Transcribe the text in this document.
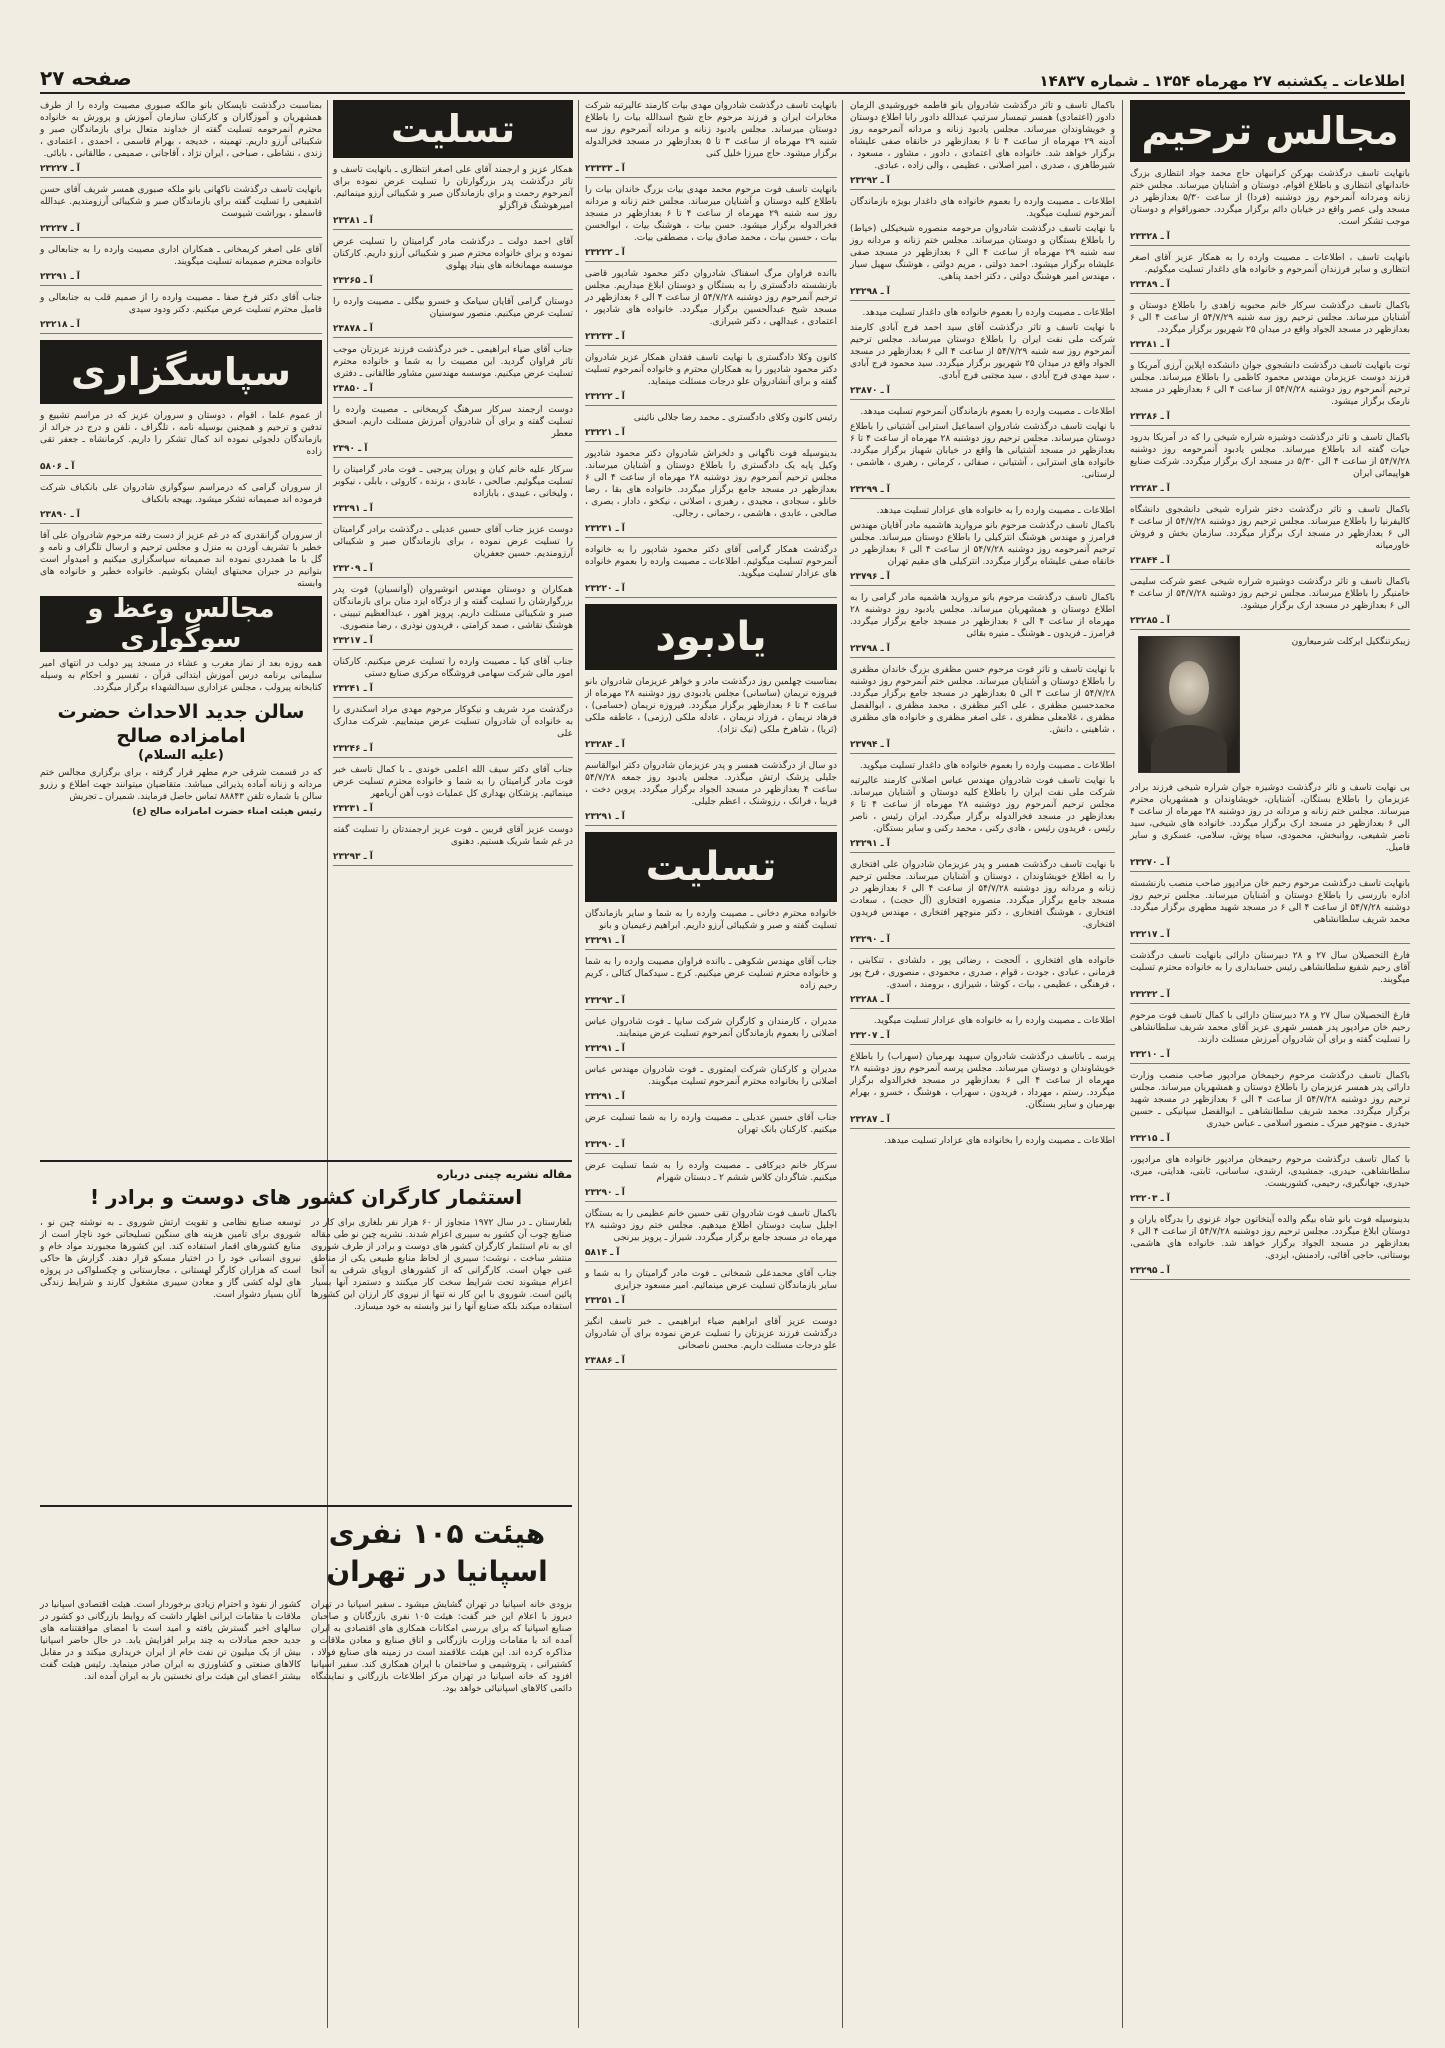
اطلاعات ـ یکشنبه ۲۷ مهرماه ۱۳۵۴ ـ شماره ۱۴۸۳۷
صفحه ۲۷
مجالس ترحیم

بانهایت تاسف درگذشت بهرکن کرانبهان حاج محمد جواد انتظاری بزرگ خاندانهای انتظاری و باطلاع اقوام، دوستان و آشنایان میرساند. مجلس ختم زنانه ومردانه آنمرحوم روز دوشنبه (فردا) از ساعت ۵/۳۰ بعدازظهر در مسجد ولی عصر واقع در خیابان دائم برگزار میگردد. حضوراقوام و دوستان موجب تشکر است.

آ ـ ۲۳۳۲۸

بانهایت تاسف ، اطلاعات ـ مصیبت وارده را به همکار عزیز آقای اصغر انتظاری و سایر فرزندان آنمرحوم و خانواده های داغدار تسلیت میگوئیم.

آ ـ ۲۳۳۸۹

باکمال تاسف درگذشت سرکار خانم محبوبه زاهدی را باطلاع دوستان و آشنایان میرساند. مجلس ترحیم روز سه شنبه ۵۴/۷/۲۹ از ساعت ۴ الی ۶ بعدازظهر در مسجد الجواد واقع در میدان ۲۵ شهریور برگزار میگردد.

آ ـ ۲۳۲۸۱

توت بانهایت تاسف درگذشت دانشجوی جوان دانشکده اپلاین آرزی آمریکا و فرزند دوست عزیزمان مهندس محمود کاظمی را باطلاع میرساند. مجلس ترحیم آنمرحوم روز دوشنبه ۵۴/۷/۲۸ از ساعت ۴ الی ۶ بعدازظهر در مسجد نارمک برگزار میشود.

آ ـ ۲۳۲۸۶

باکمال تاسف و تاثر درگذشت دوشیزه شراره شیخی را که در آمریکا بدرود حیات گفته اند باطلاع میرساند. مجلس یادبود آنمرحومه روز دوشنبه ۵۴/۷/۲۸ از ساعت ۴ الی ۵/۳۰ در مسجد ارک برگزار میگردد. شرکت صنایع هواپیمائی ایران

آ ـ ۲۳۲۸۳

باکمال تاسف و تاثر درگذشت دختر شراره شیخی دانشجوی دانشگاه کالیفرنیا را باطلاع میرساند. مجلس ترحیم روز دوشنبه ۵۴/۷/۲۸ از ساعت ۴ الی ۶ بعدازظهر در مسجد ارک برگزار میگردد. سازمان بخش و فروش خاورمیانه

آ ـ ۲۳۸۴۴

باکمال تاسف و تاثر درگذشت دوشیزه شراره شیخی عضو شرکت سلیمی خامنیگر را باطلاع میرساند. مجلس ترحیم روز دوشنبه ۵۴/۷/۲۸ از ساعت ۴ الی ۶ بعدازظهر در مسجد ارک برگزار میشود.

آ ـ ۲۳۲۸۵
زیبکرتنگکیل ایرکلت شرمیعارون

بی نهایت تاسف و تاثر درگذشت دوشیزه جوان شراره شیخی فرزند برادر عزیزمان را باطلاع بستگان، آشنایان، خویشاوندان و همشهریان محترم میرساند. مجلس ختم زنانه و مردانه در روز دوشنبه ۲۸ مهرماه از ساعت ۴ الی ۶ بعدازظهر در مسجد ارک برگزار میگردد. خانواده های شیخی، سید ناصر شفیعی، روانبخش، محمودی، سیاه پوش، سلامی، عسکری و سایر فامیل.

آ ـ ۲۳۲۷۰

بانهایت تاسف درگذشت مرحوم رحیم خان مرادپور صاحب منصب بازنشسته اداره بازرسی را باطلاع دوستان و آشنایان میرساند. مجلس ترحیم روز دوشنبه ۵۴/۷/۲۸ از ساعت ۴ الی ۶ در مسجد شهید مطهری برگزار میگردد. محمد شریف سلطانشاهی

آ ـ ۲۳۲۱۷

فارغ التحصیلان سال ۲۷ و ۲۸ دبیرستان دارائی بانهایت تاسف درگذشت آقای رحیم شفیع سلطانشاهی رئیس حسابداری را به خانواده محترم تسلیت میگویند.

آ ـ ۲۳۲۳۲

فارغ التحصیلان سال ۲۷ و ۲۸ دبیرستان دارائی با کمال تاسف فوت مرحوم رحیم خان مرادپور پدر همسر شهری عزیز آقای محمد شریف سلطانشاهی را تسلیت گفته و برای آن شادروان آمرزش مسئلت دارند.

آ ـ ۲۳۲۱۰

باکمال تاسف درگذشت مرحوم رحیمخان مرادپور صاحب منصب وزارت دارائی پدر همسر عزیزمان را باطلاع دوستان و همشهریان میرساند. مجلس ترحیم روز دوشنبه ۵۴/۷/۲۸ از ساعت ۴ الی ۶ بعدازظهر در مسجد شهید برگزار میگردد. محمد شریف سلطانشاهی ـ ابوالفضل سپانیکی ـ حسین حیدری ـ منوچهر میرک ـ منصور اسلامی ـ عباس حیدری

آ ـ ۲۳۲۱۵

با کمال تاسف درگذشت مرحوم رحیمخان مرادپور خانواده های مرادپور، سلطانشاهی، حیدری، جمشیدی، ارشدی، ساسانی، ثابتی، هدایتی، میری، حیدری، جهانگیری، رحیمی، کشوریست.

آ ـ ۲۳۲۰۳

بدینوسیله فوت بانو شاه بیگم والده آیتخاتون جواد غزنوی را بدرگاه یاران و دوستان ابلاغ میگردد. مجلس ترحیم روز دوشنبه ۵۴/۷/۲۸ از ساعت ۴ الی ۶ بعدازظهر در مسجد الجواد برگزار خواهد شد. خانواده های هاشمی، بوستانی، حاجی آقائی، رادمنش، ایزدی.

آ ـ ۲۳۲۹۵

باکمال تاسف و تاثر درگذشت شادروان بانو فاطمه خوروشیدی الزمان دادور (اعتمادی) همسر تیمسار سرتیپ عبدالله دادور رابا اطلاع دوستان و خویشاوندان میرساند. مجلس یادبود زنانه و مردانه آنمرحومه روز آدینه ۲۹ مهرماه از ساعت ۴ تا ۶ بعدازظهر در خانقاه صفی علیشاه برگزار خواهد شد. خانواده های اعتمادی ، دادور ، مشاور ، مسعود ، شیرطاهری ، صدری ، امیر اصلانی ، عظیمی ، والی زاده ، عبادی.

آ ـ ۲۳۲۹۲

اطلاعات ـ مصیبت وارده را بعموم خانواده های داغدار بویژه بازماندگان آنمرحوم تسلیت میگوید.

با نهایت تاسف درگذشت شادروان مرحومه منصوره شیخیکلی (خیاط) را باطلاع بستگان و دوستان میرساند. مجلس ختم زنانه و مردانه روز سه شنبه ۲۹ مهرماه از ساعت ۴ الی ۶ بعدازظهر در مسجد صفی علیشاه برگزار میشود. احمد دولتی ، مریم دولتی ، هوشنگ سهیل سیار ، مهندس امیر هوشنگ دولتی ، دکتر احمد پناهی.

آ ـ ۲۳۲۹۸

اطلاعات ـ مصیبت وارده را بعموم خانواده های داغدار تسلیت میدهد.

با نهایت تاسف و تاثر درگذشت آقای سید احمد فرج آبادی کارمند شرکت ملی نفت ایران را باطلاع دوستان میرساند. مجلس ترحیم آنمرحوم روز سه شنبه ۵۴/۷/۲۹ از ساعت ۴ الی ۶ بعدازظهر در مسجد الجواد واقع در میدان ۲۵ شهریور برگزار میگردد. سید محمود فرج آبادی ، سید مهدی فرج آبادی ، سید مجتبی فرج آبادی.

آ ـ ۲۳۸۷۰

اطلاعات ـ مصیبت وارده را بعموم بازماندگان آنمرحوم تسلیت میدهد.

با نهایت تاسف درگذشت شادروان اسماعیل استرابی آشتیانی را باطلاع دوستان میرساند. مجلس ترحیم روز دوشنبه ۲۸ مهرماه از ساعت ۴ تا ۶ بعدازظهر در مسجد آشتیانی ها واقع در خیابان شهباز برگزار میگردد. خانواده های استرابی ، آشتیانی ، صفائی ، کرمانی ، رهبری ، هاشمی ، لرستانی.

آ ـ ۲۳۲۹۹

اطلاعات ـ مصیبت وارده را به خانواده های عزادار تسلیت میدهد.

باکمال تاسف درگذشت مرحوم بانو مروارید هاشمیه مادر آقایان مهندس فرامرز و مهندس هوشنگ انترکیلی را باطلاع دوستان میرساند. مجلس ترحیم آنمرحومه روز دوشنبه ۵۴/۷/۲۸ از ساعت ۴ الی ۶ بعدازظهر در خانقاه صفی علیشاه برگزار میگردد. انترکیلی های مقیم تهران

آ ـ ۲۳۷۹۶

باکمال تاسف درگذشت مرحوم بانو مروارید هاشمیه مادر گرامی را به اطلاع دوستان و همشهریان میرساند. مجلس یادبود روز دوشنبه ۲۸ مهرماه از ساعت ۴ الی ۶ بعدازظهر در مسجد جامع برگزار میگردد. فرامرز ـ فریدون ـ هوشنگ ـ منیره بقائی

آ ـ ۲۳۷۹۸

با نهایت تاسف و تاثر فوت مرحوم حسن مظفری بزرگ خاندان مظفری را باطلاع دوستان و آشنایان میرساند. مجلس ختم آنمرحوم روز دوشنبه ۵۴/۷/۲۸ از ساعت ۳ الی ۵ بعدازظهر در مسجد جامع برگزار میگردد. محمدحسین مظفری ، علی اکبر مظفری ، محمد مظفری ، ابوالفضل مظفری ، غلامعلی مظفری ، علی اصغر مظفری و خانواده های مظفری ، شاهینی ، دانش.

آ ـ ۲۳۷۹۴

اطلاعات ـ مصیبت وارده را بعموم خانواده های داغدار تسلیت میگوید.

با نهایت تاسف فوت شادروان مهندس عباس اصلانی کارمند عالیرتبه شرکت ملی نفت ایران را باطلاع کلیه دوستان و آشنایان میرساند. مجلس ترحیم آنمرحوم روز دوشنبه ۲۸ مهرماه از ساعت ۴ تا ۶ بعدازظهر در مسجد فخرالدوله برگزار میگردد. ایران رئیس ، ناصر رئیس ، فریدون رئیس ، هادی رکنی ، محمد رکنی و سایر بستگان.

آ ـ ۲۳۲۹۱

با نهایت تاسف درگذشت همسر و پدر عزیزمان شادروان علی افتخاری را به اطلاع خویشاوندان ، دوستان و آشنایان میرساند. مجلس ترحیم زنانه و مردانه روز دوشنبه ۵۴/۷/۲۸ از ساعت ۴ الی ۶ بعدازظهر در مسجد جامع برگزار میگردد. منصوره افتخاری (آل حجت) ، سعادت افتخاری ، هوشنگ افتخاری ، دکتر منوچهر افتخاری ، مهندس فریدون افتخاری.

آ ـ ۲۳۲۹۰

خانواده های افتخاری ، آلحجت ، رضائی پور ، دلشادی ، تنکابنی ، فرمانی ، عبادی ، جودت ، قوام ، صدری ، محمودی ، منصوری ، فرخ پور ، فرهنگی ، عظیمی ، بیات ، کوشا ، شیرازی ، برومند ، اسدی.

آ ـ ۲۳۲۸۸

اطلاعات ـ مصیبت وارده را به خانواده های عزادار تسلیت میگوید.

آ ـ ۲۳۲۰۷

پرسه ـ باتاسف درگذشت شادروان سپهبد بهرمیان (سهراب) را باطلاع خویشاوندان و دوستان میرساند. مجلس پرسه آنمرحوم روز دوشنبه ۲۸ مهرماه از ساعت ۴ الی ۶ بعدازظهر در مسجد فخرالدوله برگزار میگردد. رستم ، مهرداد ، فریدون ، سهراب ، هوشنگ ، خسرو ، بهرام بهرمیان و سایر بستگان.

آ ـ ۲۳۲۸۷

اطلاعات ـ مصیبت وارده را بخانواده های عزادار تسلیت میدهد.

بانهایت تاسف درگذشت شادروان مهدی بیات کارمند عالیرتبه شرکت مخابرات ایران و فرزند مرحوم حاج شیخ اسدالله بیات را باطلاع دوستان میرساند. مجلس یادبود زنانه و مردانه آنمرحوم روز سه شنبه ۲۹ مهرماه از ساعت ۳ تا ۵ بعدازظهر در مسجد فخرالدوله برگزار میشود. حاج میرزا خلیل کنی

آ ـ ۲۳۳۳۳

بانهایت تاسف فوت مرحوم محمد مهدی بیات بزرگ خاندان بیات را باطلاع کلیه دوستان و آشنایان میرساند. مجلس ختم زنانه و مردانه روز سه شنبه ۲۹ مهرماه از ساعت ۴ تا ۶ بعدازظهر در مسجد فخرالدوله برگزار میشود. حسن بیات ، هوشنگ بیات ، ابوالحسن بیات ، حسین بیات ، محمد صادق بیات ، مصطفی بیات.

آ ـ ۲۳۲۲۲

باانده فراوان مرگ اسفناک شادروان دکتر محمود شادپور قاضی بازنشسته دادگستری را به بستگان و دوستان ابلاغ میداریم. مجلس ترحیم آنمرحوم روز دوشنبه ۵۴/۷/۲۸ از ساعت ۴ الی ۶ بعدازظهر در مسجد شیخ عبدالحسین برگزار میگردد. خانواده های شادپور ، اعتمادی ، عبدالهی ، دکتر شیرازی.

آ ـ ۲۳۲۳۳

کانون وکلا دادگستری با نهایت تاسف فقدان همکار عزیز شادروان دکتر محمود شادپور را به همکاران محترم و خانواده آنمرحوم تسلیت گفته و برای آنشادروان علو درجات مسئلت مینماید.

آ ـ ۲۳۲۲۲

رئیس کانون وکلای دادگستری ـ محمد رضا جلالی نائینی

آ ـ ۲۳۲۲۱

بدینوسیله فوت ناگهانی و دلخراش شادروان دکتر محمود شادپور وکیل پایه یک دادگستری را باطلاع دوستان و آشنایان میرساند. مجلس ترحیم آنمرحوم روز دوشنبه ۲۸ مهرماه از ساعت ۴ الی ۶ بعدازظهر در مسجد جامع برگزار میگردد. خانواده های بقا ، رضا خانلو ، سجادی ، مجیدی ، رهبری ، اصلانی ، نیکخو ، دادار ، بصری ، صالحی ، عابدی ، هاشمی ، رحمانی ، رجالی.

آ ـ ۲۳۲۳۱

درگذشت همکار گرامی آقای دکتر محمود شادپور را به خانواده آنمرحوم تسلیت میگوئیم. اطلاعات ـ مصیبت وارده را بعموم خانواده های عزادار تسلیت میگوید.

آ ـ ۲۳۲۲۰
یادبود

بمناسبت چهلمین روز درگذشت مادر و خواهر عزیزمان شادروان بانو فیروزه نریمان (ساسانی) مجلس یادبودی روز دوشنبه ۲۸ مهرماه از ساعت ۴ تا ۶ بعدازظهر برگزار میگردد. فیروزه نریمان (حسامی) ، فرهاد نریمان ، فرزاد نریمان ، عادله ملکی (رزمی) ، عاطفه ملکی (ثریا) ، شاهرخ ملکی (نیک نژاد).

آ ـ ۲۳۲۸۴

دو سال از درگذشت همسر و پدر عزیزمان شادروان دکتر ابوالقاسم جلیلی پزشک ارتش میگذرد. مجلس یادبود روز جمعه ۵۴/۷/۲۸ ساعت ۴ بعدازظهر در مسجد الجواد برگزار میگردد. پروین دخت ، فریبا ، فرانک ، رزوشنک ، اعظم جلیلی.

آ ـ ۲۳۲۹۱
تسلیت

خانواده محترم دخانی ـ مصیبت وارده را به شما و سایر بازماندگان تسلیت گفته و صبر و شکیبائی آرزو داریم. ابراهیم زعیمیان و بانو

آ ـ ۲۳۲۹۱

جناب آقای مهندس شکوهی ـ باانده فراوان مصیبت وارده را به شما و خانواده محترم تسلیت عرض میکنیم. کرج ـ سیدکمال کتالی ، کریم رحیم زاده

آ ـ ۲۳۲۹۲

مدیران ، کارمندان و کارگران شرکت سایپا ـ فوت شادروان عباس اصلانی را بعموم بازماندگان آنمرحوم تسلیت عرض مینمایند.

آ ـ ۲۳۲۹۱

مدیران و کارکنان شرکت ایمتوری ـ فوت شادروان مهندس عباس اصلانی را بخانواده محترم آنمرحوم تسلیت میگویند.

آ ـ ۲۳۲۹۱

جناب آقای حسین عدیلی ـ مصیبت وارده را به شما تسلیت عرض میکنیم. کارکنان بانک تهران

آ ـ ۲۳۲۹۰

سرکار خانم دیرکافی ـ مصیبت وارده را به شما تسلیت عرض میکنیم. شاگردان کلاس ششم ۲ ـ دبستان شهرام

آ ـ ۲۳۲۹۰

باکمال تاسف فوت شادروان تقی حسین خانم عظیمی را به بستگان اجلیل سایت دوستان اطلاع میدهیم. مجلس ختم روز دوشنبه ۲۸ مهرماه در مسجد جامع برگزار میگردد. شیراز ـ پرویز بیرنجی

آ ـ ۵۸۱۴

جناب آقای محمدعلی شمخانی ـ فوت مادر گرامیتان را به شما و سایر بازماندگان تسلیت عرض مینمائیم. امیر مسعود جزایری

آ ـ ۲۳۲۵۱

دوست عزیز آقای ابراهیم ضیاء ابراهیمی ـ خبر تاسف انگیز درگذشت فرزند عزیزتان را تسلیت عرض نموده برای آن شادروان علو درجات مسئلت داریم. محسن ناصحانی

آ ـ ۲۳۸۸۶
تسلیت

همکار عزیز و ارجمند آقای علی اصغر انتظاری ـ بانهایت تاسف و تاثر درگذشت پدر بزرگوارتان را تسلیت عرض نموده برای آنمرحوم رحمت و برای بازماندگان صبر و شکیبائی آرزو مینمائیم. امیرهوشنگ قراگزلو

آ ـ ۲۳۲۸۱

آقای احمد دولت ـ درگذشت مادر گرامیتان را تسلیت عرض نموده و برای خانواده محترم صبر و شکیبائی آرزو داریم. کارکنان موسسه مهمانخانه های بنیاد پهلوی

آ ـ ۲۳۲۶۵

دوستان گرامی آقایان سیامک و خسرو بیگلی ـ مصیبت وارده را تسلیت عرض میکنیم. منصور سوسنیان

آ ـ ۲۳۸۷۸

جناب آقای ضیاء ابراهیمی ـ خبر درگذشت فرزند عزیزتان موجب تاثر فراوان گردید. این مصیبت را به شما و خانواده محترم تسلیت عرض میکنیم. موسسه مهندسین مشاور طالقانی ـ دفتری

آ ـ ۲۳۸۵۰

دوست ارجمند سرکار سرهنگ کریمخانی ـ مصیبت وارده را تسلیت گفته و برای آن شادروان آمرزش مسئلت داریم. اسحق معطر

آ ـ ۲۳۹۰

سرکار علیه خانم کیان و پوران پیرجیی ـ فوت مادر گرامیتان را تسلیت میگوئیم. صالحی ، عابدی ، بزنده ، کاروئی ، بابلی ، نیکوبر ، ولیخانی ، عیبدی ، بابازاده

آ ـ ۲۳۲۹۱

دوست عزیز جناب آقای حسین عدیلی ـ درگذشت برادر گرامیتان را تسلیت عرض نموده ، برای بازماندگان صبر و شکیبائی آرزومندیم. حسین جعفریان

آ ـ ۲۳۲۰۹

همکاران و دوستان مهندس انوشیروان (آوانسیان) فوت پدر بزرگوارشان را تسلیت گفته و از درگاه ایزد منان برای بازماندگان صبر و شکیبائی مسئلت داریم. پرویز اهور ، عبدالعظیم تبیینی ، هوشنگ نقاشی ، صمد کرامتی ، فریدون نوذری ، رضا منصوری.

آ ـ ۲۳۲۱۷

جناب آقای کیا ـ مصیبت وارده را تسلیت عرض میکنیم. کارکنان امور مالی شرکت سهامی فروشگاه مرکزی صنایع دستی

آ ـ ۲۳۲۴۱

درگذشت مرد شریف و نیکوکار مرحوم مهدی مراد اسکندری را به خانواده آن شادروان تسلیت عرض مینماییم. شرکت مدارک علی

آ ـ ۲۳۲۴۶

جناب آقای دکتر سیف الله اعلمی خوندی ـ با کمال تاسف خبر فوت مادر گرامیتان را به شما و خانواده محترم تسلیت عرض مینمائیم. پزشکان بهداری کل عملیات ذوب آهن آریامهر

آ ـ ۲۳۲۳۱

دوست عزیز آقای قربین ـ فوت عزیز ارجمندتان را تسلیت گفته در غم شما شریک هستیم. دهنوی

آ ـ ۲۳۲۹۳

بمناسبت درگذشت ناپسکان بانو مالکه صبوری مصیبت وارده را از طرف همشهریان و آموزگاران و کارکنان سازمان آموزش و پرورش به خانواده محترم آنمرحومه تسلیت گفته از خداوند متعال برای بازماندگان صبر و شکیبائی آرزو داریم. تهمینه ، خدیجه ، بهرام قاسمی ، احمدی ، اعتمادی ، زندی ، نشاطی ، صباحی ، ایران نژاد ، آقاجانی ، صمیمی ، طالقانی ، بابائی.

آ ـ ۲۳۲۲۷

بانهایت تاسف درگذشت ناکهانی بانو ملکه صبوری همسر شریف آقای حسن اشفیعی را تسلیت گفته برای بازماندگان صبر و شکیبائی آرزومندیم. عبدالله قاسملو ، بوراشت شیوست

آ ـ ۲۳۲۳۷

آقای علی اصغر کریمخانی ـ همکاران اداری مصیبت وارده را به جنابعالی و خانواده محترم صمیمانه تسلیت میگویند.

آ ـ ۲۳۲۹۱

جناب آقای دکتر فرخ صفا ـ مصیبت وارده را از صمیم قلب به جنابعالی و فامیل محترم تسلیت عرض میکنیم. دکتر ودود سیدی

آ ـ ۲۳۲۱۸
سپاسگزاری

از عموم علما ، اقوام ، دوستان و سروران عزیز که در مراسم تشییع و تدفین و ترحیم و همچنین بوسیله نامه ، تلگراف ، تلفن و درج در جرائد از بازماندگان دلجوئی نموده اند کمال تشکر را داریم. کرمانشاه ـ جعفر تقی زاده

آ ـ ۵۸۰۶

از سروران گرامی که درمراسم سوگواری شادروان علی بانکباف شرکت فرموده اند صمیمانه تشکر میشود. بهیجه بانکباف

آ ـ ۲۳۸۹۰

از سروران گرانقدری که در غم عزیز از دست رفته مرحوم شادروان علی آقا خطیر با تشریف آوردن به منزل و مجلس ترحیم و ارسال تلگراف و نامه و گل با ما همدردی نموده اند صمیمانه سپاسگزاری میکنیم و امیدوار است بتوانیم در جبران محبتهای ایشان بکوشیم. خانواده خطیر و خانواده های وابسته

مجالس وعظ و سوگواری

همه روزه بعد از نماز مغرب و عشاء در مسجد پیر دولب در انتهای امیر سلیمانی برنامه درس آموزش ابتدائی قرآن ، تفسیر و احکام به وسیله کتابخانه پیرولب ، مجلس عزاداری سیدالشهداء برگزار میگردد.

سالن جدید الاحداث حضرت امامزاده صالح
(علیه السلام)

که در قسمت شرقی حرم مطهر قرار گرفته ، برای برگزاری مجالس ختم مردانه و زنانه آماده پذیرائی میباشد. متقاضیان میتوانند جهت اطلاع و رزرو سالن با شماره تلفن ۸۸۸۴۳ تماس حاصل فرمایند. شمیران ـ تجریش

رئیس هیئت امناء حضرت امامزاده صالح (ع)

مقاله نشریه چینی درباره
استثمار کارگران کشور های دوست و برادر !
بلغارستان ـ در سال ۱۹۷۲ متجاوز از ۶۰ هزار نفر بلغاری برای کار در صنایع چوب آن کشور به سیبری اعزام شدند. نشریه چین نو طی مقاله ای به نام استثمار کارگران کشور های دوست و برادر از طرف شوروی منتشر ساخت ، نوشت: سیبری از لحاظ منابع طبیعی یکی از مناطق غنی جهان است. کارگرانی که از کشورهای اروپای شرقی به آنجا اعزام میشوند تحت شرایط سخت کار میکنند و دستمزد آنها بسیار پائین است. شوروی با این کار نه تنها از نیروی کار ارزان این کشورها استفاده میکند بلکه صنایع آنها را نیز وابسته به خود میسازد.
توسعه صنایع نظامی و تقویت ارتش شوروی ـ به نوشته چین نو ، شوروی برای تامین هزینه های سنگین تسلیحاتی خود ناچار است از منابع کشورهای اقمار استفاده کند. این کشورها مجبورند مواد خام و نیروی انسانی خود را در اختیار مسکو قرار دهند. گزارش ها حاکی است که هزاران کارگر لهستانی ، مجارستانی و چکسلواکی در پروژه های لوله کشی گاز و معادن سیبری مشغول کارند و شرایط زندگی آنان بسیار دشوار است.
هیئت ۱۰۵ نفری اسپانیا در تهران
بزودی خانه اسپانیا در تهران گشایش میشود ـ سفیر اسپانیا در تهران دیروز با اعلام این خبر گفت: هیئت ۱۰۵ نفری بازرگانان و صاحبان صنایع اسپانیا که برای بررسی امکانات همکاری های اقتصادی به ایران آمده اند با مقامات وزارت بازرگانی و اتاق صنایع و معادن ملاقات و مذاکره کرده اند. این هیئت علاقمند است در زمینه های صنایع فولاد ، کشتیرانی ، پتروشیمی و ساختمان با ایران همکاری کند. سفیر اسپانیا افزود که خانه اسپانیا در تهران مرکز اطلاعات بازرگانی و نمایشگاه دائمی کالاهای اسپانیائی خواهد بود.
کشور از نفوذ و احترام زیادی برخوردار است. هیئت اقتصادی اسپانیا در ملاقات با مقامات ایرانی اظهار داشت که روابط بازرگانی دو کشور در سالهای اخیر گسترش یافته و امید است با امضای موافقتنامه های جدید حجم مبادلات به چند برابر افزایش یابد. در حال حاضر اسپانیا بیش از یک میلیون تن نفت خام از ایران خریداری میکند و در مقابل کالاهای صنعتی و کشاورزی به ایران صادر مینماید. رئیس هیئت گفت بیشتر اعضای این هیئت برای نخستین بار به ایران آمده اند.
